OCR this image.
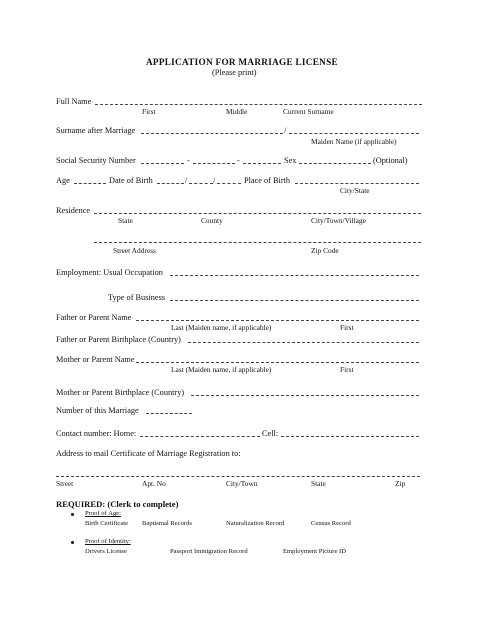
APPLICATION FOR MARRIAGE LICENSE
(Please print)
Full Name
First	Middle	Current Surname
Surname after Marriage	/
Maiden Name (if applicable)
Social Security Number	-	-	Sex	(Optional)
Age	Date of Birth	/	/	Place of Birth
City/State
Residence
State	County	City/Town/Village
Street Address	Zip Code
Employment: Usual Occupation
Type of Business
Father or Parent Name
Last (Maiden name, if applicable)	First
Father or Parent Birthplace (Country)
Mother or Parent Name
Last (Maiden name, if applicable)	First
Mother or Parent Birthplace (Country)
Number of this Marriage
Contact number: Home:	Cell:
Address to mail Certificate of Marriage Registration to:
Street	Apt. No	City/Town	State	Zip
REQUIRED: (Clerk to complete)
Proof of Age:
Birth Certificate Baptismal Records	Naturalization Record	Census Record
Proof of Identity:
Drivers License	Passport Immigration Record	Employment Picture ID
